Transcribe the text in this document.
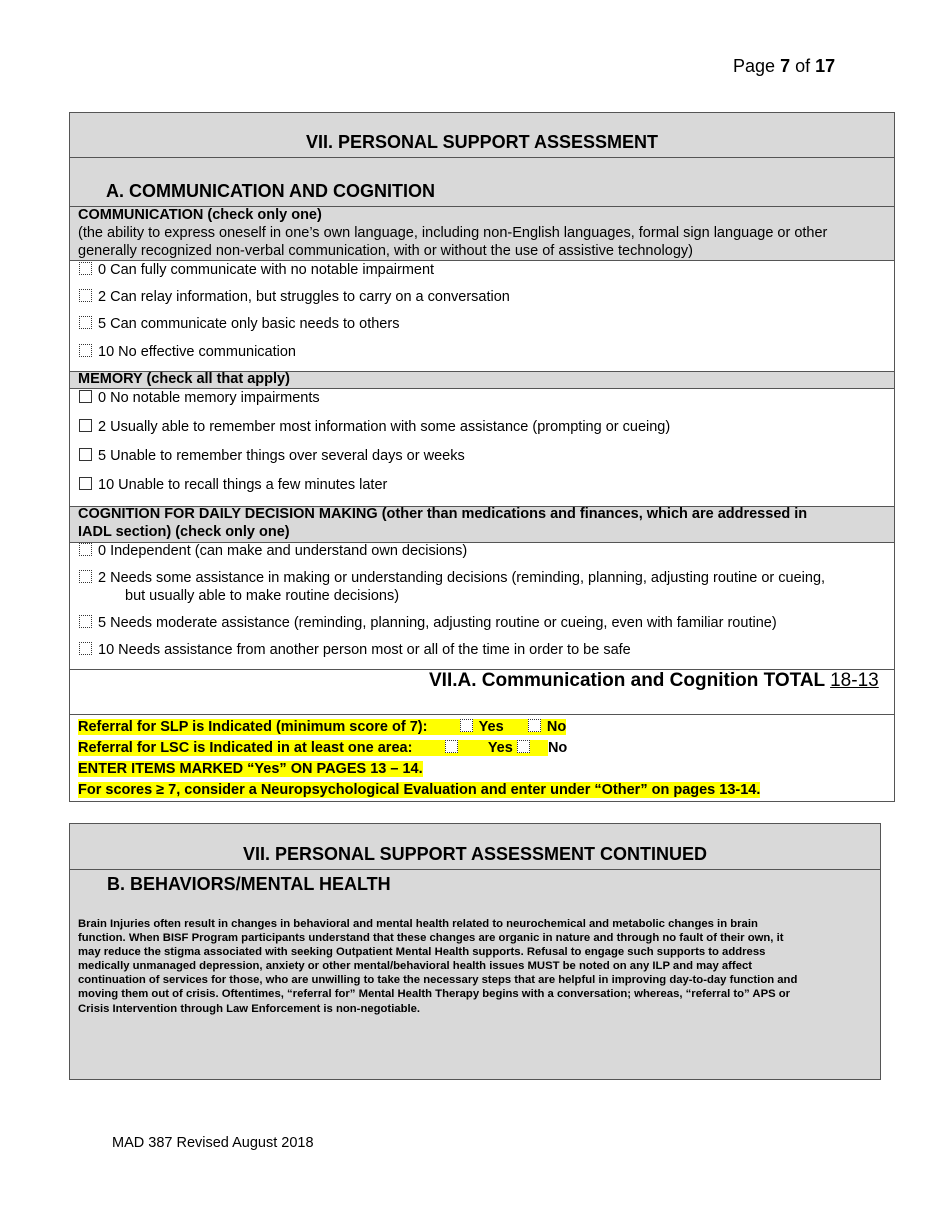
Page 7 of 17
VII. PERSONAL SUPPORT ASSESSMENT
A. COMMUNICATION AND COGNITION
COMMUNICATION (check only one)
(the ability to express oneself in one’s own language, including non-English languages, formal sign language or other
generally recognized non-verbal communication, with or without the use of assistive technology)
0 Can fully communicate with no notable impairment
2 Can relay information, but struggles to carry on a conversation
5 Can communicate only basic needs to others
10 No effective communication
MEMORY (check all that apply)
0 No notable memory impairments
2 Usually able to remember most information with some assistance (prompting or cueing)
5 Unable to remember things over several days or weeks
10 Unable to recall things a few minutes later
COGNITION FOR DAILY DECISION MAKING (other than medications and finances, which are addressed in
IADL section) (check only one)
0 Independent (can make and understand own decisions)
2 Needs some assistance in making or understanding decisions (reminding, planning, adjusting routine or cueing,
but usually able to make routine decisions)
5 Needs moderate assistance (reminding, planning, adjusting routine or cueing, even with familiar routine)
10 Needs assistance from another person most or all of the time in order to be safe
VII.A. Communication and Cognition TOTAL 18-13
Referral for SLP is Indicated (minimum score of 7):	Yes	No
Referral for LSC is Indicated in at least one area:	Yes No
ENTER ITEMS MARKED “Yes” ON PAGES 13 – 14.
For scores ≥ 7, consider a Neuropsychological Evaluation and enter under “Other” on pages 13-14.
VII. PERSONAL SUPPORT ASSESSMENT CONTINUED
B. BEHAVIORS/MENTAL HEALTH
Brain Injuries often result in changes in behavioral and mental health related to neurochemical and metabolic changes in brain
function. When BISF Program participants understand that these changes are organic in nature and through no fault of their own, it
may reduce the stigma associated with seeking Outpatient Mental Health supports. Refusal to engage such supports to address
medically unmanaged depression, anxiety or other mental/behavioral health issues MUST be noted on any ILP and may affect
continuation of services for those, who are unwilling to take the necessary steps that are helpful in improving day-to-day function and
moving them out of crisis. Oftentimes, “referral for” Mental Health Therapy begins with a conversation; whereas, “referral to” APS or
Crisis Intervention through Law Enforcement is non-negotiable.
MAD 387 Revised August 2018
